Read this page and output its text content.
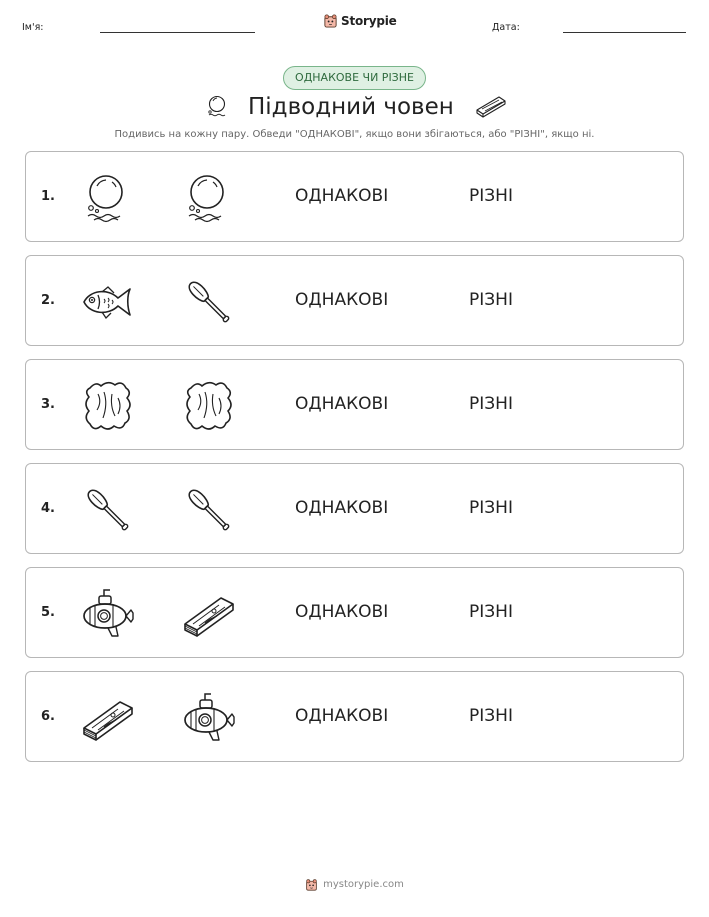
Ім'я:	Storypie	Дата:
ОДНАКОВЕ ЧИ РІЗНЕ
Підводний човен
Подивись на кожну пару. Обведи "ОДНАКОВІ", якщо вони збігаються, або "РІЗНІ", якщо ні.
1.	ОДНАКОВІ	РІЗНІ
2.	ОДНАКОВІ	РІЗНІ
3.	ОДНАКОВІ	РІЗНІ
4.	ОДНАКОВІ	РІЗНІ
5.	ОДНАКОВІ	РІЗНІ
6.	ОДНАКОВІ	РІЗНІ
mystorypie.com
